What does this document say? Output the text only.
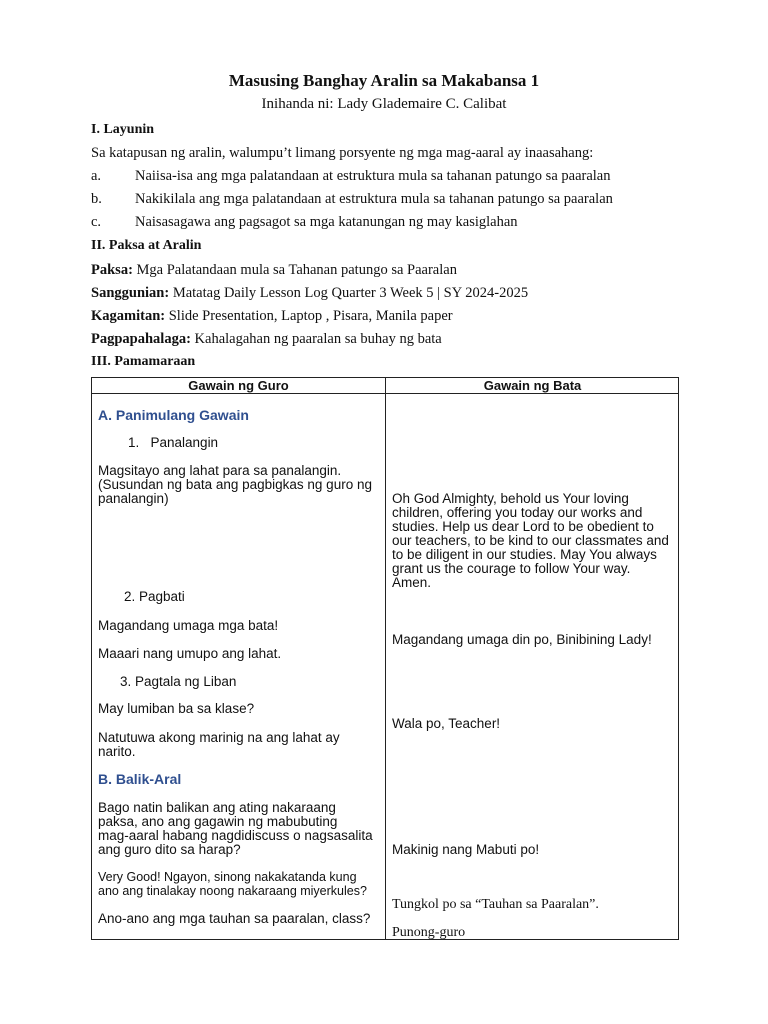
Masusing Banghay Aralin sa Makabansa 1
Inihanda ni: Lady Glademaire C. Calibat
I. Layunin
Sa katapusan ng aralin, walumpu’t limang porsyente ng mga mag-aaral ay inaasahang:
a. Naiisa-isa ang mga palatandaan at estruktura mula sa tahanan patungo sa paaralan
b. Nakikilala ang mga palatandaan at estruktura mula sa tahanan patungo sa paaralan
c. Naisasagawa ang pagsagot sa mga katanungan ng may kasiglahan
II. Paksa at Aralin
Paksa: Mga Palatandaan mula sa Tahanan patungo sa Paaralan
Sanggunian: Matatag Daily Lesson Log Quarter 3 Week 5 | SY 2024-2025
Kagamitan: Slide Presentation, Laptop , Pisara, Manila paper
Pagpapahalaga: Kahalagahan ng paaralan sa buhay ng bata
III. Pamamaraan
Gawain ng Guro	Gawain ng Bata
A. Panimulang Gawain
1.   Panalangin
Magsitayo ang lahat para sa panalangin.
(Susundan ng bata ang pagbigkas ng guro ng
panalangin)
2. Pagbati
Magandang umaga mga bata!
Maaari nang umupo ang lahat.
3. Pagtala ng Liban
May lumiban ba sa klase?
Natutuwa akong marinig na ang lahat ay
narito.
B. Balik-Aral
Bago natin balikan ang ating nakaraang
paksa, ano ang gagawin ng mabubuting
mag-aaral habang nagdidiscuss o nagsasalita
ang guro dito sa harap?
Very Good! Ngayon, sinong nakakatanda kung
ano ang tinalakay noong nakaraang miyerkules?
Ano-ano ang mga tauhan sa paaralan, class?
Oh God Almighty, behold us Your loving
children, offering you today our works and
studies. Help us dear Lord to be obedient to
our teachers, to be kind to our classmates and
to be diligent in our studies. May You always
grant us the courage to follow Your way.
Amen.
Magandang umaga din po, Binibining Lady!
Wala po, Teacher!
Makinig nang Mabuti po!
Tungkol po sa “Tauhan sa Paaralan”.
Punong-guro
